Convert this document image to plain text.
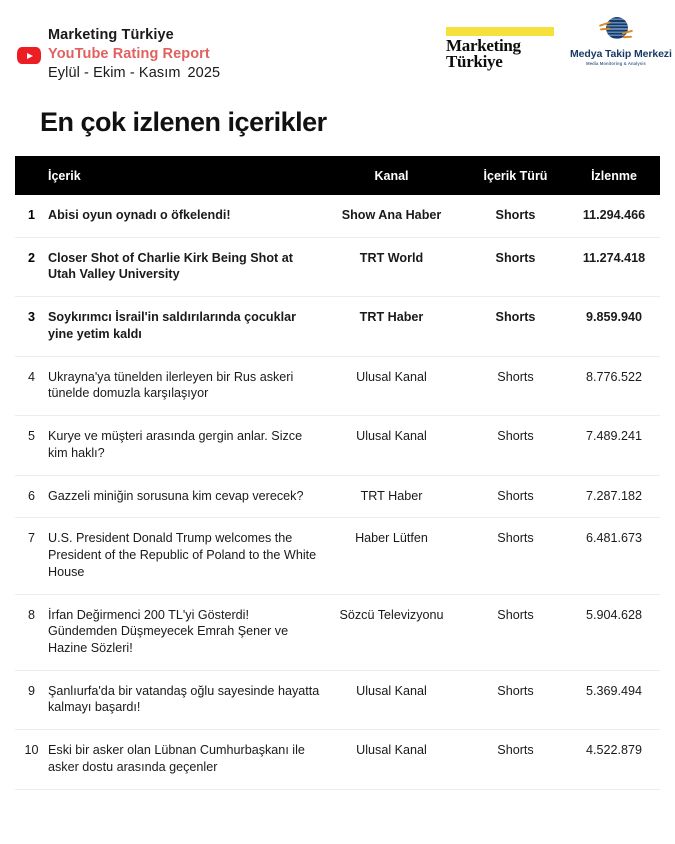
Marketing Türkiye
YouTube Rating Report
Eylül - Ekim - Kasım 2025
Marketing
Türkiye	Medya Takip Merkezi
Media Monitoring & Analysis
En çok izlenen içerikler
	İçerik	Kanal	İçerik Türü	İzlenme
1	Abisi oyun oynadı o öfkelendi!	Show Ana Haber	Shorts	11.294.466
2	Closer Shot of Charlie Kirk Being Shot at Utah Valley University	TRT World	Shorts	11.274.418
3	Soykırımcı İsrail'in saldırılarında çocuklar yine yetim kaldı	TRT Haber	Shorts	9.859.940
4	Ukrayna'ya tünelden ilerleyen bir Rus askeri tünelde domuzla karşılaşıyor	Ulusal Kanal	Shorts	8.776.522
5	Kurye ve müşteri arasında gergin anlar. Sizce kim haklı?	Ulusal Kanal	Shorts	7.489.241
6	Gazzeli miniğin sorusuna kim cevap verecek?	TRT Haber	Shorts	7.287.182
7	U.S. President Donald Trump welcomes the President of the Republic of Poland to the White House	Haber Lütfen	Shorts	6.481.673
8	İrfan Değirmenci 200 TL'yi Gösterdi! Gündemden Düşmeyecek Emrah Şener ve Hazine Sözleri!	Sözcü Televizyonu	Shorts	5.904.628
9	Şanlıurfa'da bir vatandaş oğlu sayesinde hayatta kalmayı başardı!	Ulusal Kanal	Shorts	5.369.494
10	Eski bir asker olan Lübnan Cumhurbaşkanı ile asker dostu arasında geçenler	Ulusal Kanal	Shorts	4.522.879
